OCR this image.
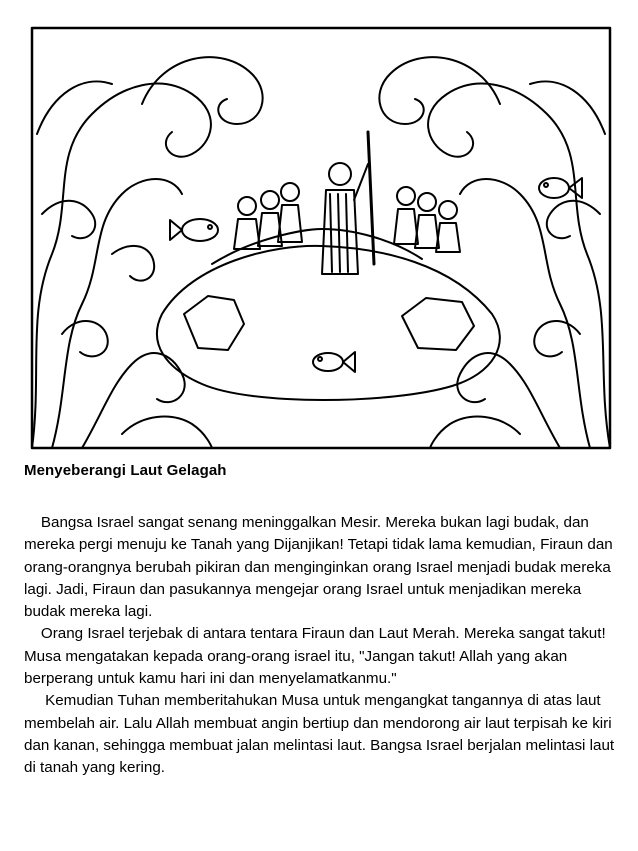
Menyeberangi Laut Gelagah

Bangsa Israel sangat senang meninggalkan Mesir. Mereka bukan lagi budak, dan mereka pergi menuju ke Tanah yang Dijanjikan! Tetapi tidak lama kemudian, Firaun dan orang-orangnya berubah pikiran dan menginginkan orang Israel menjadi budak mereka lagi. Jadi, Firaun dan pasukannya mengejar orang Israel untuk menjadikan mereka budak mereka lagi.

Orang Israel terjebak di antara tentara Firaun dan Laut Merah. Mereka sangat takut! Musa mengatakan kepada orang-orang israel itu, "Jangan takut! Allah yang akan berperang untuk kamu hari ini dan menyelamatkanmu."

Kemudian Tuhan memberitahukan Musa untuk mengangkat tangannya di atas laut membelah air. Lalu Allah membuat angin bertiup dan mendorong air laut terpisah ke kiri dan kanan, sehingga membuat jalan melintasi laut. Bangsa Israel berjalan melintasi laut di tanah yang kering.
